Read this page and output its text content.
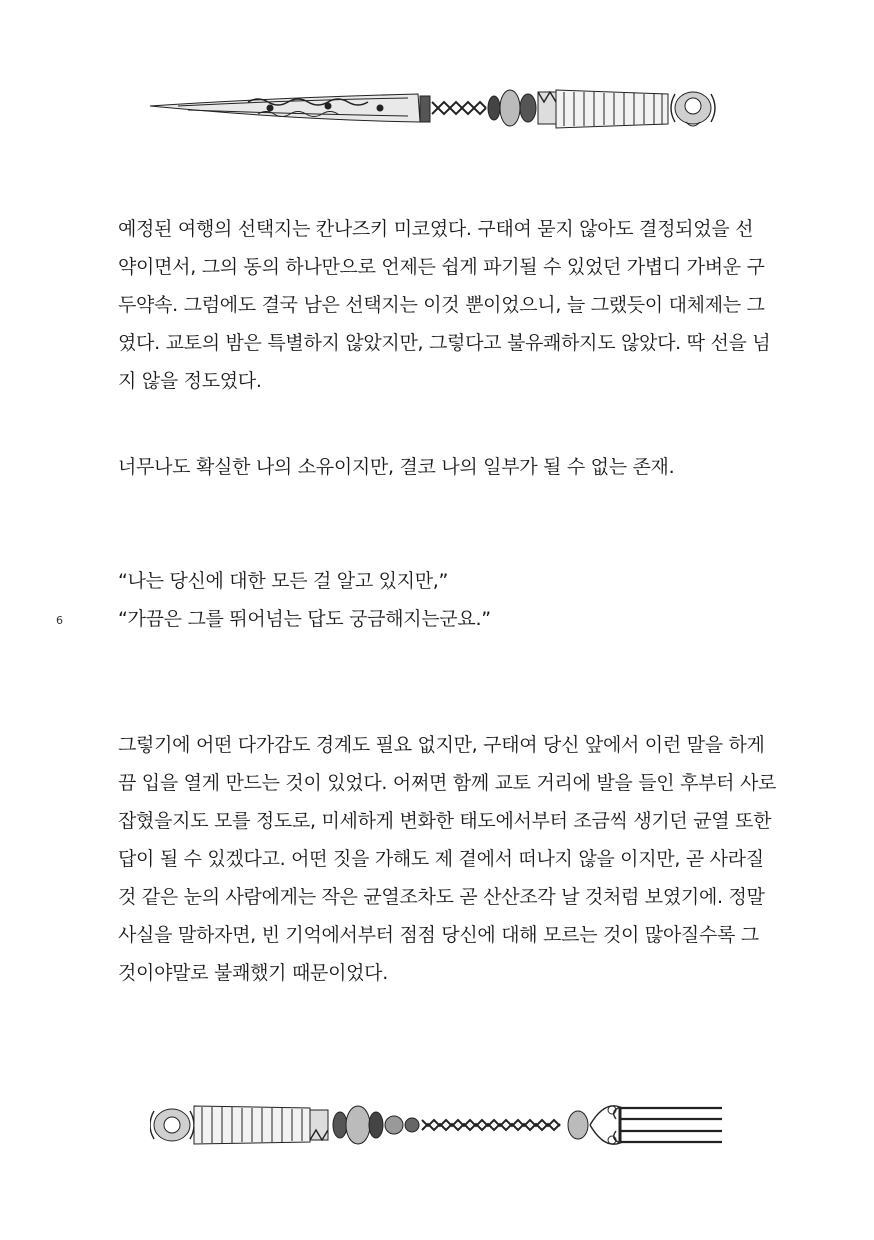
예정된 여행의 선택지는 칸나즈키 미코였다. 구태여 묻지 않아도 결정되었을 선
약이면서, 그의 동의 하나만으로 언제든 쉽게 파기될 수 있었던 가볍디 가벼운 구
두약속. 그럼에도 결국 남은 선택지는 이것 뿐이었으니, 늘 그랬듯이 대체제는 그
였다. 교토의 밤은 특별하지 않았지만, 그렇다고 불유쾌하지도 않았다. 딱 선을 넘
지 않을 정도였다.

너무나도 확실한 나의 소유이지만, 결코 나의 일부가 될 수 없는 존재.

“나는 당신에 대한 모든 걸 알고 있지만,”
“가끔은 그를 뛰어넘는 답도 궁금해지는군요.”

6

그렇기에 어떤 다가감도 경계도 필요 없지만, 구태여 당신 앞에서 이런 말을 하게
끔 입을 열게 만드는 것이 있었다. 어쩌면 함께 교토 거리에 발을 들인 후부터 사로
잡혔을지도 모를 정도로, 미세하게 변화한 태도에서부터 조금씩 생기던 균열 또한
답이 될 수 있겠다고. 어떤 짓을 가해도 제 곁에서 떠나지 않을 이지만, 곧 사라질
것 같은 눈의 사람에게는 작은 균열조차도 곧 산산조각 날 것처럼 보였기에. 정말
사실을 말하자면, 빈 기억에서부터 점점 당신에 대해 모르는 것이 많아질수록 그
것이야말로 불쾌했기 때문이었다.
